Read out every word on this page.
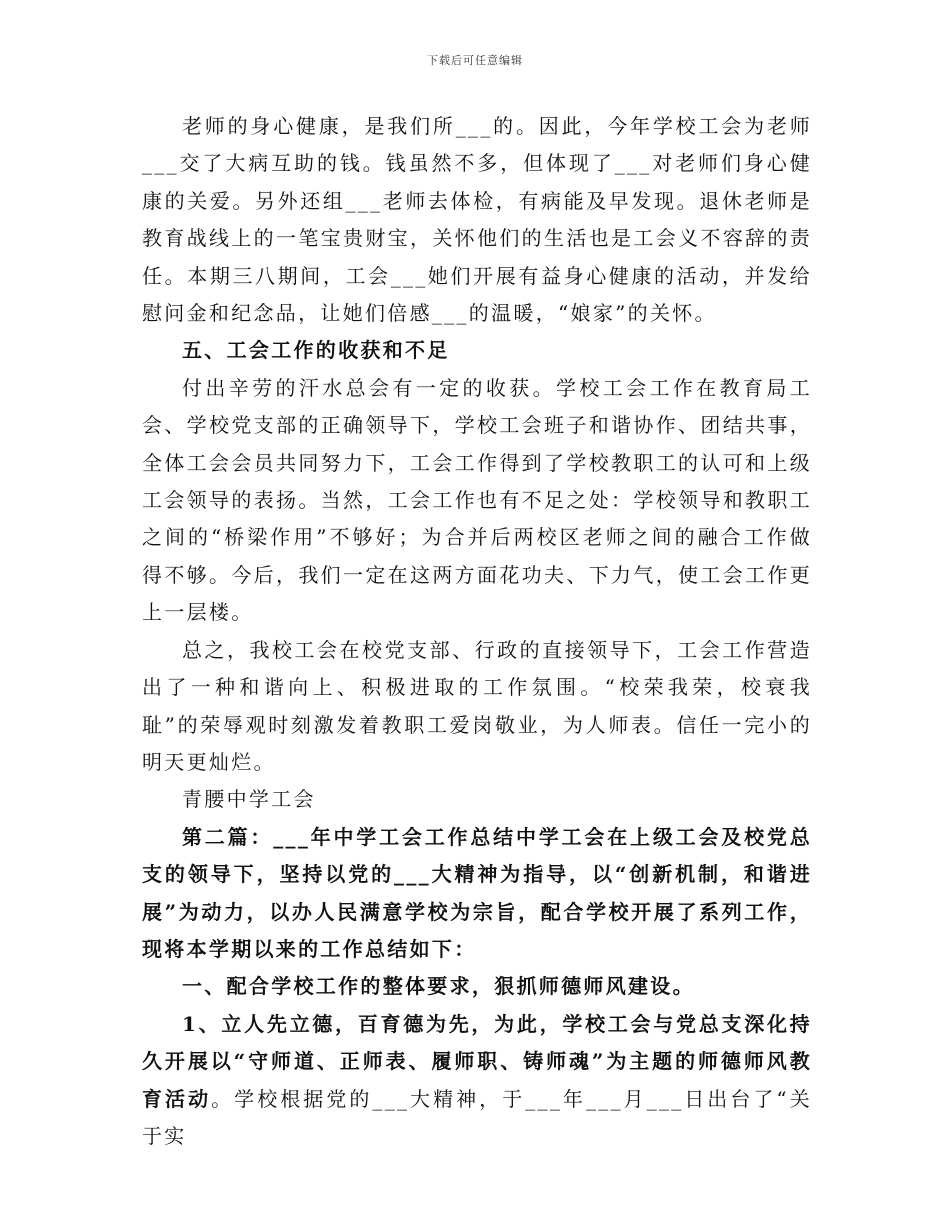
下载后可任意编辑

老师的身心健康，是我们所___的。因此，今年学校工会为老师___交了大病互助的钱。钱虽然不多，但体现了___对老师们身心健康的关爱。另外还组___老师去体检，有病能及早发现。退休老师是教育战线上的一笔宝贵财宝，关怀他们的生活也是工会义不容辞的责任。本期三八期间，工会___她们开展有益身心健康的活动，并发给慰问金和纪念品，让她们倍感___的温暖，“娘家”的关怀。

五、工会工作的收获和不足

付出辛劳的汗水总会有一定的收获。学校工会工作在教育局工会、学校党支部的正确领导下，学校工会班子和谐协作、团结共事，全体工会会员共同努力下，工会工作得到了学校教职工的认可和上级工会领导的表扬。当然，工会工作也有不足之处：学校领导和教职工之间的“桥梁作用”不够好；为合并后两校区老师之间的融合工作做得不够。今后，我们一定在这两方面花功夫、下力气，使工会工作更上一层楼。

总之，我校工会在校党支部、行政的直接领导下，工会工作营造出了一种和谐向上、积极进取的工作氛围。“校荣我荣，校衰我耻”的荣辱观时刻激发着教职工爱岗敬业，为人师表。信任一完小的明天更灿烂。

青腰中学工会

第二篇：___年中学工会工作总结中学工会在上级工会及校党总支的领导下，坚持以党的___大精神为指导，以“创新机制，和谐进展”为动力，以办人民满意学校为宗旨，配合学校开展了系列工作，现将本学期以来的工作总结如下：

一、配合学校工作的整体要求，狠抓师德师风建设。

1、立人先立德，百育德为先，为此，学校工会与党总支深化持久开展以“守师道、正师表、履师职、铸师魂”为主题的师德师风教育活动。学校根据党的___大精神，于___年___月___日出台了“关于实
